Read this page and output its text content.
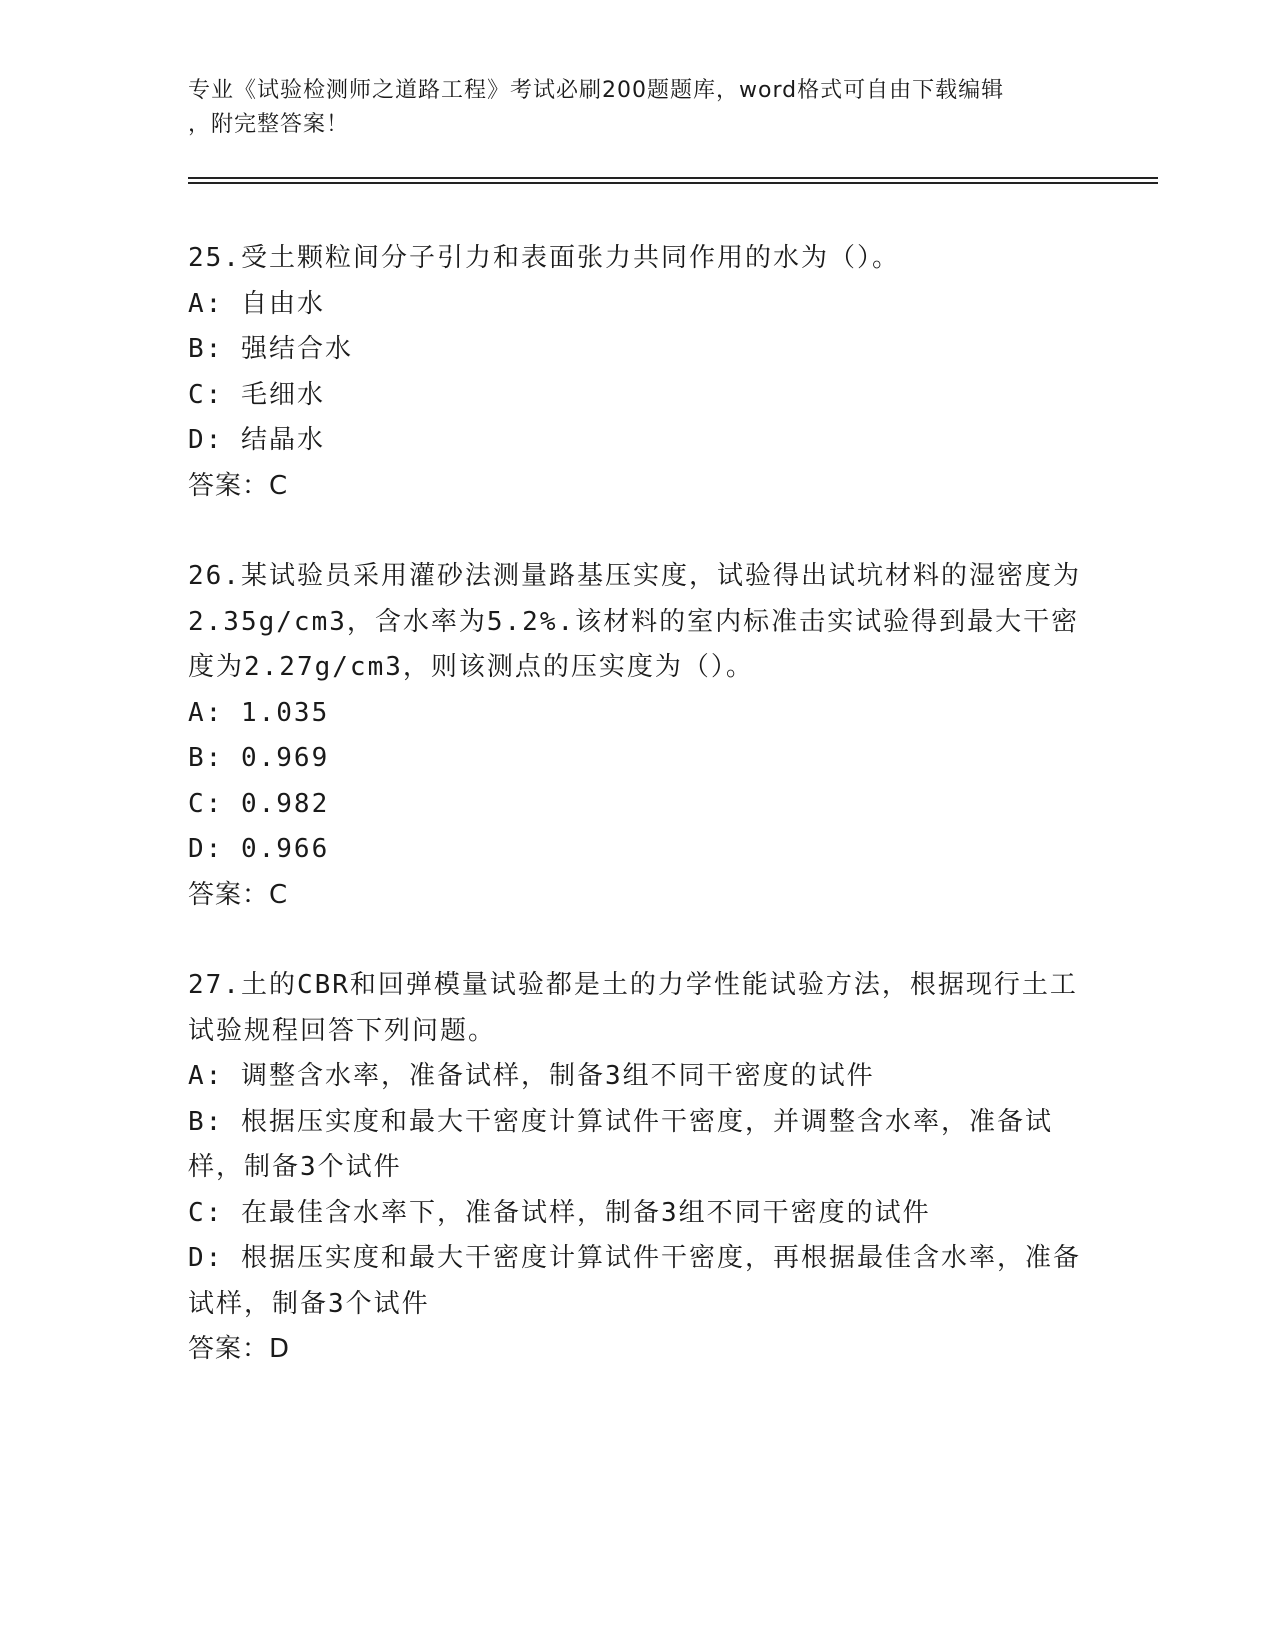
专业《试验检测师之道路工程》考试必刷200题题库，word格式可自由下载编辑
，附完整答案！
25.受土颗粒间分子引力和表面张力共同作用的水为（）。
A: 自由水
B: 强结合水
C: 毛细水
D: 结晶水
答案：C
26.某试验员采用灌砂法测量路基压实度，试验得出试坑材料的湿密度为2.35g/cm3，含水率为5.2%.该材料的室内标准击实试验得到最大干密度为2.27g/cm3，则该测点的压实度为（）。
A: 1.035
B: 0.969
C: 0.982
D: 0.966
答案：C
27.土的CBR和回弹模量试验都是土的力学性能试验方法，根据现行土工试验规程回答下列问题。
A: 调整含水率，准备试样，制备3组不同干密度的试件
B: 根据压实度和最大干密度计算试件干密度，并调整含水率，准备试样，制备3个试件
C: 在最佳含水率下，准备试样，制备3组不同干密度的试件
D: 根据压实度和最大干密度计算试件干密度，再根据最佳含水率，准备试样，制备3个试件
答案：D
